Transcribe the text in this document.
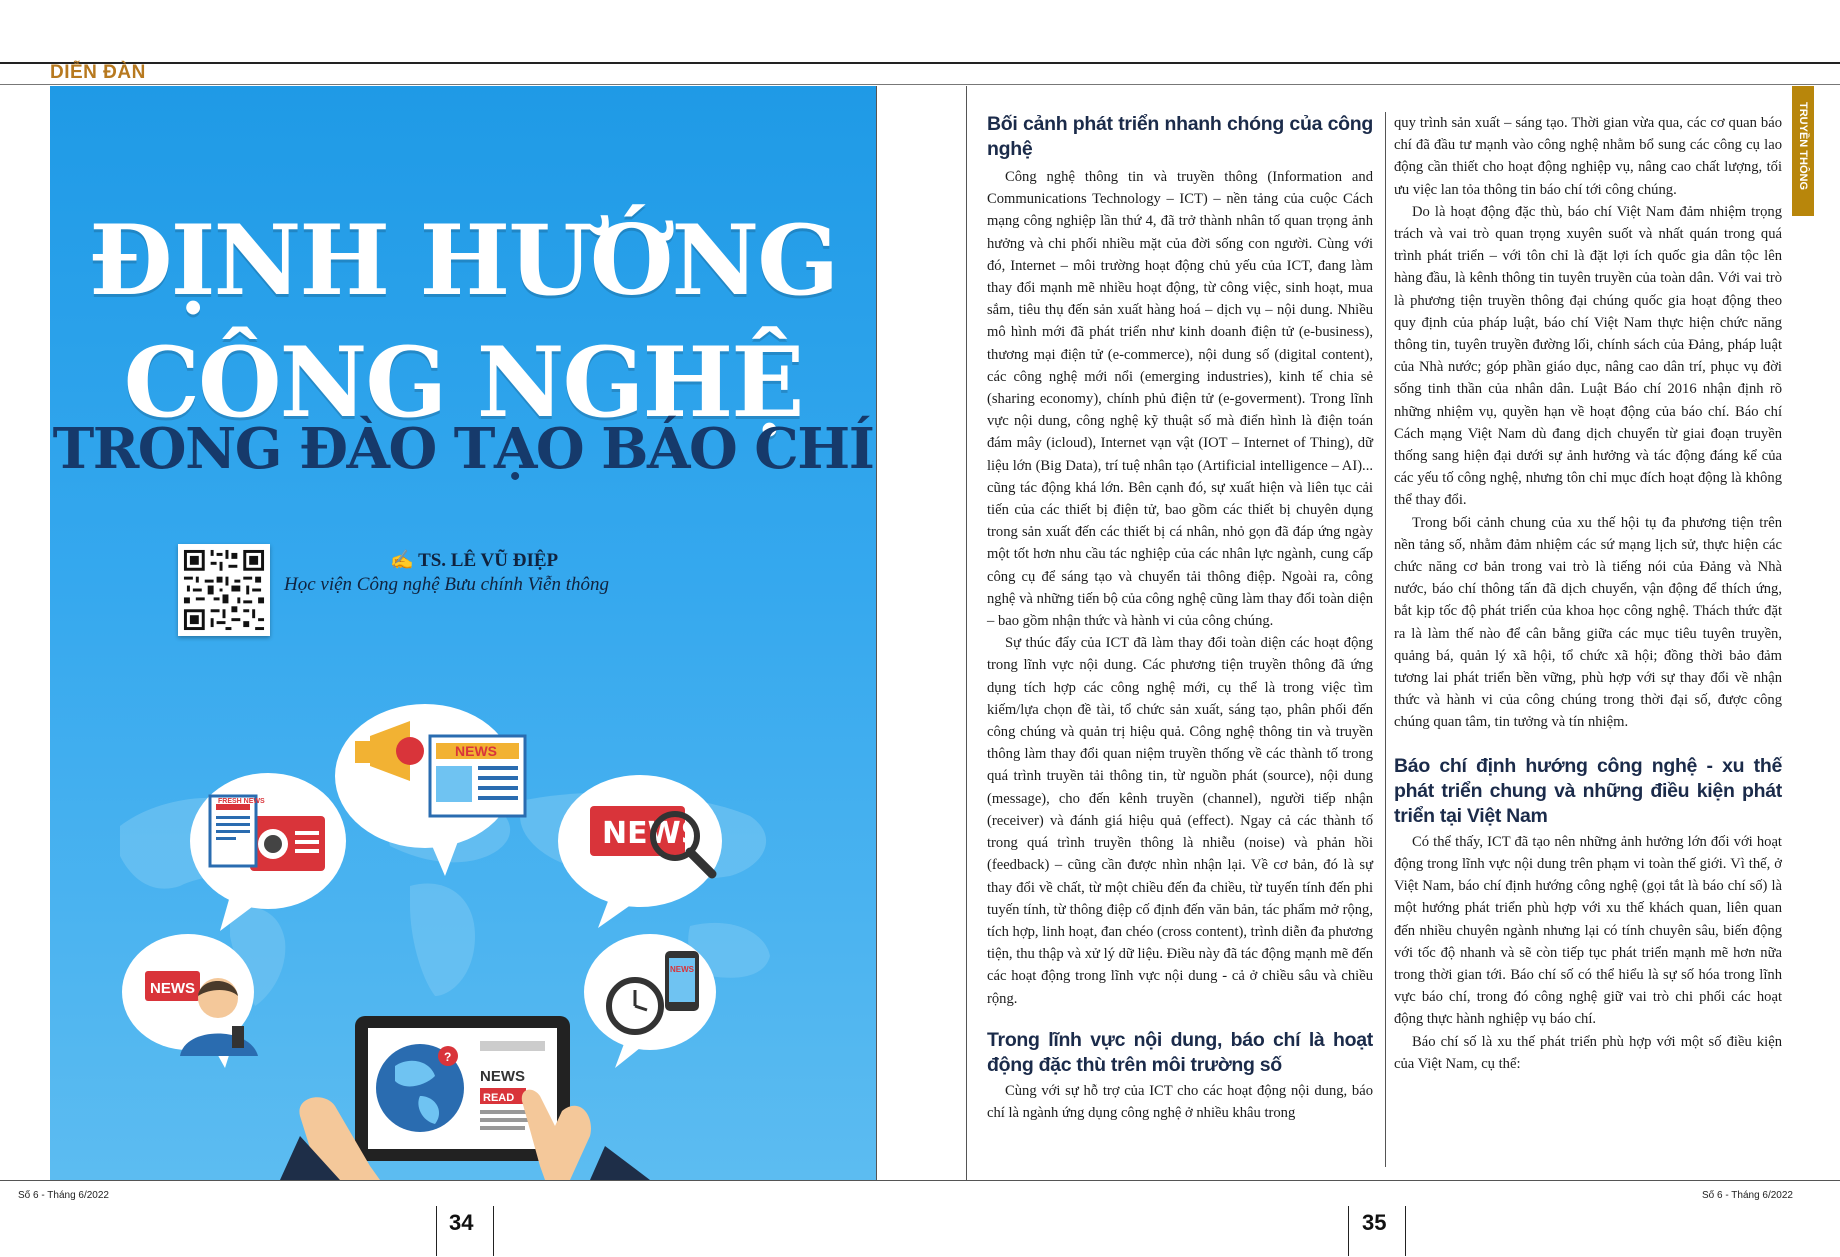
DIỄN ĐÀN
TRUYỀN THÔNG
ĐỊNH HƯỚNG
CÔNG NGHỆ
TRONG ĐÀO TẠO BÁO CHÍ
✍ TS. LÊ VŨ ĐIỆP
Học viện Công nghệ Bưu chính Viễn thông
FRESH NEWS
NEWS
NEWS
NEWS
NEWS
?
NEWS
READ
Bối cảnh phát triển nhanh chóng của công nghệ

Công nghệ thông tin và truyền thông (Information and Communications Technology – ICT) – nền tảng của cuộc Cách mạng công nghiệp lần thứ 4, đã trở thành nhân tố quan trọng ảnh hưởng và chi phối nhiều mặt của đời sống con người. Cùng với đó, Internet – môi trường hoạt động chủ yếu của ICT, đang làm thay đổi mạnh mẽ nhiều hoạt động, từ công việc, sinh hoạt, mua sắm, tiêu thụ đến sản xuất hàng hoá – dịch vụ – nội dung. Nhiều mô hình mới đã phát triển như kinh doanh điện tử (e-business), thương mại điện tử (e-commerce), nội dung số (digital content), các công nghệ mới nổi (emerging industries), kinh tế chia sẻ (sharing economy), chính phủ điện tử (e-goverment). Trong lĩnh vực nội dung, công nghệ kỹ thuật số mà điển hình là điện toán đám mây (icloud), Internet vạn vật (IOT – Internet of Thing), dữ liệu lớn (Big Data), trí tuệ nhân tạo (Artificial intelligence – AI)... cũng tác động khá lớn. Bên cạnh đó, sự xuất hiện và liên tục cải tiến của các thiết bị điện tử, bao gồm các thiết bị chuyên dụng trong sản xuất đến các thiết bị cá nhân, nhỏ gọn đã đáp ứng ngày một tốt hơn nhu cầu tác nghiệp của các nhân lực ngành, cung cấp công cụ để sáng tạo và chuyển tải thông điệp. Ngoài ra, công nghệ và những tiến bộ của công nghệ cũng làm thay đổi toàn diện – bao gồm nhận thức và hành vi của công chúng.

Sự thúc đẩy của ICT đã làm thay đổi toàn diện các hoạt động trong lĩnh vực nội dung. Các phương tiện truyền thông đã ứng dụng tích hợp các công nghệ mới, cụ thể là trong việc tìm kiếm/lựa chọn đề tài, tổ chức sản xuất, sáng tạo, phân phối đến công chúng và quản trị hiệu quả. Công nghệ thông tin và truyền thông làm thay đổi quan niệm truyền thống về các thành tố trong quá trình truyền tải thông tin, từ nguồn phát (source), nội dung (message), cho đến kênh truyền (channel), người tiếp nhận (receiver) và đánh giá hiệu quả (effect). Ngay cả các thành tố trong quá trình truyền thông là nhiễu (noise) và phản hồi (feedback) – cũng cần được nhìn nhận lại. Về cơ bản, đó là sự thay đổi về chất, từ một chiều đến đa chiều, từ tuyến tính đến phi tuyến tính, từ thông điệp cố định đến văn bản, tác phẩm mở rộng, tích hợp, linh hoạt, đan chéo (cross content), trình diễn đa phương tiện, thu thập và xử lý dữ liệu. Điều này đã tác động mạnh mẽ đến các hoạt động trong lĩnh vực nội dung - cả ở chiều sâu và chiều rộng.

Trong lĩnh vực nội dung, báo chí là hoạt động đặc thù trên môi trường số

Cùng với sự hỗ trợ của ICT cho các hoạt động nội dung, báo chí là ngành ứng dụng công nghệ ở nhiều khâu trong

quy trình sản xuất – sáng tạo. Thời gian vừa qua, các cơ quan báo chí đã đầu tư mạnh vào công nghệ nhằm bổ sung các công cụ lao động cần thiết cho hoạt động nghiệp vụ, nâng cao chất lượng, tối ưu việc lan tỏa thông tin báo chí tới công chúng.

Do là hoạt động đặc thù, báo chí Việt Nam đảm nhiệm trọng trách và vai trò quan trọng xuyên suốt và nhất quán trong quá trình phát triển – với tôn chỉ là đặt lợi ích quốc gia dân tộc lên hàng đầu, là kênh thông tin tuyên truyền của toàn dân. Với vai trò là phương tiện truyền thông đại chúng quốc gia hoạt động theo quy định của pháp luật, báo chí Việt Nam thực hiện chức năng thông tin, tuyên truyền đường lối, chính sách của Đảng, pháp luật của Nhà nước; góp phần giáo dục, nâng cao dân trí, phục vụ đời sống tinh thần của nhân dân. Luật Báo chí 2016 nhận định rõ những nhiệm vụ, quyền hạn về hoạt động của báo chí. Báo chí Cách mạng Việt Nam dù đang dịch chuyển từ giai đoạn truyền thống sang hiện đại dưới sự ảnh hưởng và tác động đáng kể của các yếu tố công nghệ, nhưng tôn chỉ mục đích hoạt động là không thể thay đổi.

Trong bối cảnh chung của xu thế hội tụ đa phương tiện trên nền tảng số, nhằm đảm nhiệm các sứ mạng lịch sử, thực hiện các chức năng cơ bản trong vai trò là tiếng nói của Đảng và Nhà nước, báo chí thông tấn đã dịch chuyển, vận động để thích ứng, bắt kịp tốc độ phát triển của khoa học công nghệ. Thách thức đặt ra là làm thế nào để cân bằng giữa các mục tiêu tuyên truyền, quảng bá, quản lý xã hội, tổ chức xã hội; đồng thời bảo đảm tương lai phát triển bền vững, phù hợp với sự thay đổi về nhận thức và hành vi của công chúng trong thời đại số, được công chúng quan tâm, tin tưởng và tín nhiệm.

Báo chí định hướng công nghệ - xu thế phát triển chung và những điều kiện phát triển tại Việt Nam

Có thể thấy, ICT đã tạo nên những ảnh hưởng lớn đối với hoạt động trong lĩnh vực nội dung trên phạm vi toàn thế giới. Vì thế, ở Việt Nam, báo chí định hướng công nghệ (gọi tắt là báo chí số) là một hướng phát triển phù hợp với xu thế khách quan, liên quan đến nhiều chuyên ngành nhưng lại có tính chuyên sâu, biến động với tốc độ nhanh và sẽ còn tiếp tục phát triển mạnh mẽ hơn nữa trong thời gian tới. Báo chí số có thể hiểu là sự số hóa trong lĩnh vực báo chí, trong đó công nghệ giữ vai trò chi phối các hoạt động thực hành nghiệp vụ báo chí.

Báo chí số là xu thế phát triển phù hợp với một số điều kiện của Việt Nam, cụ thể:

Số 6 - Tháng 6/2022	Số 6 - Tháng 6/2022
34	35
